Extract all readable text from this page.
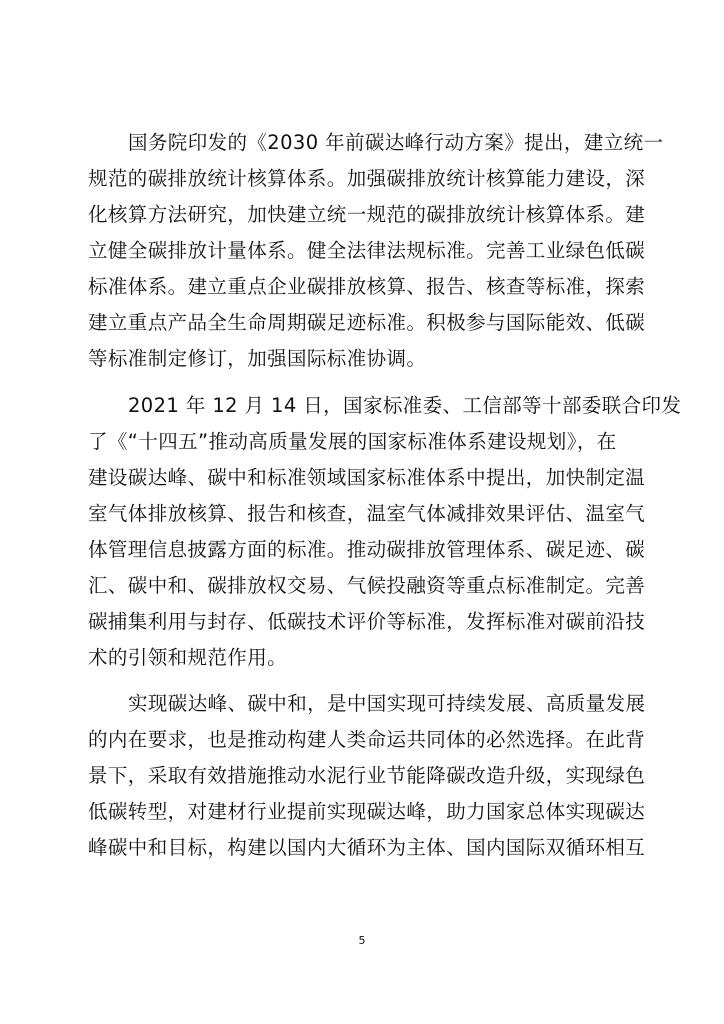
国务院印发的《2030 年前碳达峰行动方案》提出，建立统一
规范的碳排放统计核算体系。加强碳排放统计核算能力建设，深
化核算方法研究，加快建立统一规范的碳排放统计核算体系。建
立健全碳排放计量体系。健全法律法规标准。完善工业绿色低碳
标准体系。建立重点企业碳排放核算、报告、核查等标准，探索
建立重点产品全生命周期碳足迹标准。积极参与国际能效、低碳
等标准制定修订，加强国际标准协调。
2021 年 12 月 14 日，国家标准委、工信部等十部委联合印发
了《“十四五”推动高质量发展的国家标准体系建设规划》，在
建设碳达峰、碳中和标准领域国家标准体系中提出，加快制定温
室气体排放核算、报告和核查，温室气体减排效果评估、温室气
体管理信息披露方面的标准。推动碳排放管理体系、碳足迹、碳
汇、碳中和、碳排放权交易、气候投融资等重点标准制定。完善
碳捕集利用与封存、低碳技术评价等标准，发挥标准对碳前沿技
术的引领和规范作用。
实现碳达峰、碳中和，是中国实现可持续发展、高质量发展
的内在要求，也是推动构建人类命运共同体的必然选择。在此背
景下，采取有效措施推动水泥行业节能降碳改造升级，实现绿色
低碳转型，对建材行业提前实现碳达峰，助力国家总体实现碳达
峰碳中和目标，构建以国内大循环为主体、国内国际双循环相互
5
